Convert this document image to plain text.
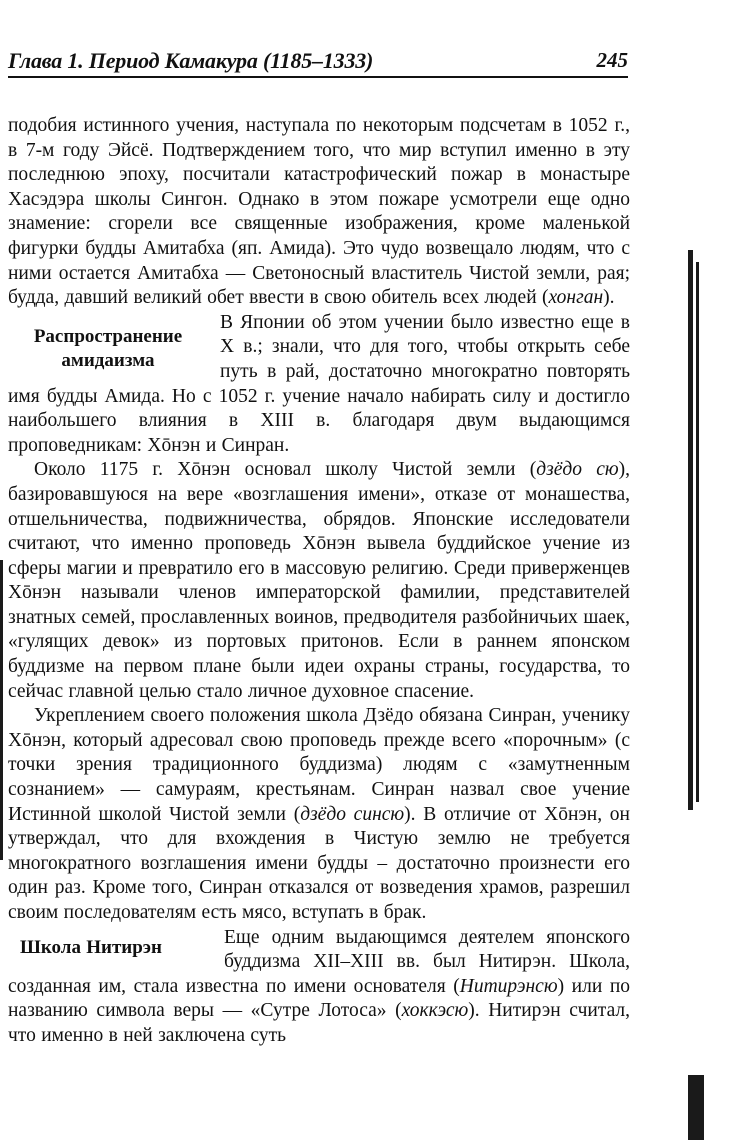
Глава 1. Период Камакура (1185–1333)	245

подобия истинного учения, наступала по некоторым подсчетам в 1052 г., в 7-м году Эйсё. Подтверждением того, что мир вступил именно в эту последнюю эпоху, посчитали катастрофический пожар в монастыре Хасэдэра школы Сингон. Однако в этом пожаре усмотрели еще одно знамение: сгорели все священные изображения, кроме маленькой фигурки будды Амитабха (яп. Амида). Это чудо возвещало людям, что с ними остается Амитабха — Светоносный властитель Чистой земли, рая; будда, давший великий обет ввести в свою обитель всех людей (хонган).

Распространение амидаизма
В Японии об этом учении было известно еще в X в.; знали, что для того, чтобы открыть себе путь в рай, достаточно многократно повторять имя будды Амида. Но с 1052 г. учение начало набирать силу и достигло наибольшего влияния в XIII в. благодаря двум выдающимся проповедникам: Хōнэн и Синран.

Около 1175 г. Хōнэн основал школу Чистой земли (дзёдо сю), базировавшуюся на вере «возглашения имени», отказе от монашества, отшельничества, подвижничества, обрядов. Японские исследователи считают, что именно проповедь Хōнэн вывела буддийское учение из сферы магии и превратило его в массовую религию. Среди приверженцев Хōнэн называли членов императорской фамилии, представителей знатных семей, прославленных воинов, предводителя разбойничьих шаек, «гулящих девок» из портовых притонов. Если в раннем японском буддизме на первом плане были идеи охраны страны, государства, то сейчас главной целью стало личное духовное спасение.

Укреплением своего положения школа Дзёдо обязана Синран, ученику Хōнэн, который адресовал свою проповедь прежде всего «порочным» (с точки зрения традиционного буддизма) людям с «замутненным сознанием» — самураям, крестьянам. Синран назвал свое учение Истинной школой Чистой земли (дзёдо синсю). В отличие от Хōнэн, он утверждал, что для вхождения в Чистую землю не требуется многократного возглашения имени будды – достаточно произнести его один раз. Кроме того, Синран отказался от возведения храмов, разрешил своим последователям есть мясо, вступать в брак.

Школа Нитирэн	Еще одним выдающимся деятелем японского буддизма XII–XIII вв. был Нитирэн. Школа, созданная им, стала известна по имени основателя (Нитирэнсю) или по названию символа веры — «Сутре Лотоса» (хоккэсю). Нитирэн считал, что именно в ней заключена суть
